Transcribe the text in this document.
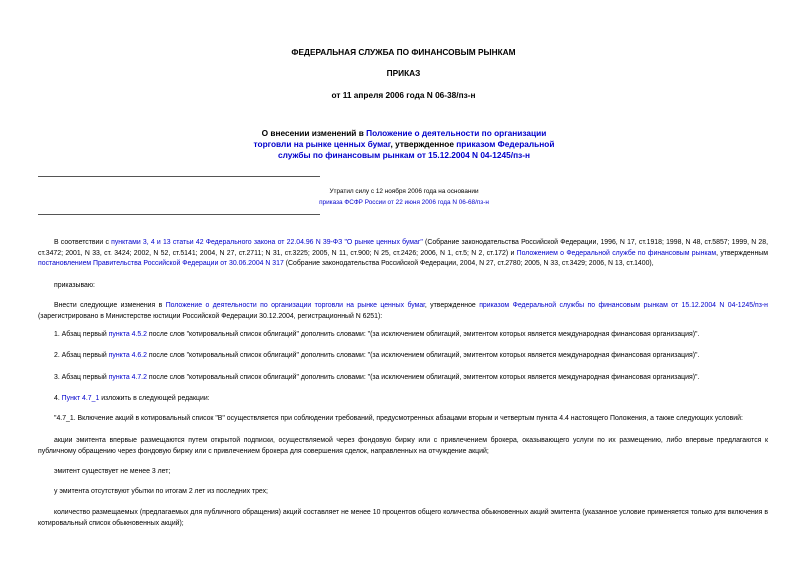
ФЕДЕРАЛЬНАЯ СЛУЖБА ПО ФИНАНСОВЫМ РЫНКАМ
ПРИКАЗ
от 11 апреля 2006 года N 06-38/пз-н
О внесении изменений в Положение о деятельности по организации торговли на рынке ценных бумаг, утвержденное приказом Федеральной службы по финансовым рынкам от 15.12.2004 N 04-1245/пз-н
Утратил силу с 12 ноября 2006 года на основании
приказа ФСФР России от 22 июня 2006 года N 06-68/пз-н

В соответствии с пунктами 3, 4 и 13 статьи 42 Федерального закона от 22.04.96 N 39-ФЗ "О рынке ценных бумаг" (Собрание законодательства Российской Федерации, 1996, N 17, ст.1918; 1998, N 48, ст.5857; 1999, N 28, ст.3472; 2001, N 33, ст. 3424; 2002, N 52, ст.5141; 2004, N 27, ст.2711; N 31, ст.3225; 2005, N 11, ст.900; N 25, ст.2426; 2006, N 1, ст.5; N 2, ст.172) и Положением о Федеральной службе по финансовым рынкам, утвержденным постановлением Правительства Российской Федерации от 30.06.2004 N 317 (Собрание законодательства Российской Федерации, 2004, N 27, ст.2780; 2005, N 33, ст.3429; 2006, N 13, ст.1400),

приказываю:

Внести следующие изменения в Положение о деятельности по организации торговли на рынке ценных бумаг, утвержденное приказом Федеральной службы по финансовым рынкам от 15.12.2004 N 04-1245/пз-н (зарегистрировано в Министерстве юстиции Российской Федерации 30.12.2004, регистрационный N 6251):

1. Абзац первый пункта 4.5.2 после слов "котировальный список облигаций" дополнить словами: "(за исключением облигаций, эмитентом которых является международная финансовая организация)".

2. Абзац первый пункта 4.6.2 после слов "котировальный список облигаций" дополнить словами: "(за исключением облигаций, эмитентом которых является международная финансовая организация)".

3. Абзац первый пункта 4.7.2 после слов "котировальный список облигаций" дополнить словами: "(за исключением облигаций, эмитентом которых является международная финансовая организация)".

4. Пункт 4.7_1 изложить в следующей редакции:

"4.7_1. Включение акций в котировальный список "В" осуществляется при соблюдении требований, предусмотренных абзацами вторым и четвертым пункта 4.4 настоящего Положения, а также следующих условий:

акции эмитента впервые размещаются путем открытой подписки, осуществляемой через фондовую биржу или с привлечением брокера, оказывающего услуги по их размещению, либо впервые предлагаются к публичному обращению через фондовую биржу или с привлечением брокера для совершения сделок, направленных на отчуждение акций;

эмитент существует не менее 3 лет;

у эмитента отсутствуют убытки по итогам 2 лет из последних трех;

количество размещаемых (предлагаемых для публичного обращения) акций составляет не менее 10 процентов общего количества обыкновенных акций эмитента (указанное условие применяется только для включения в котировальный список обыкновенных акций);
